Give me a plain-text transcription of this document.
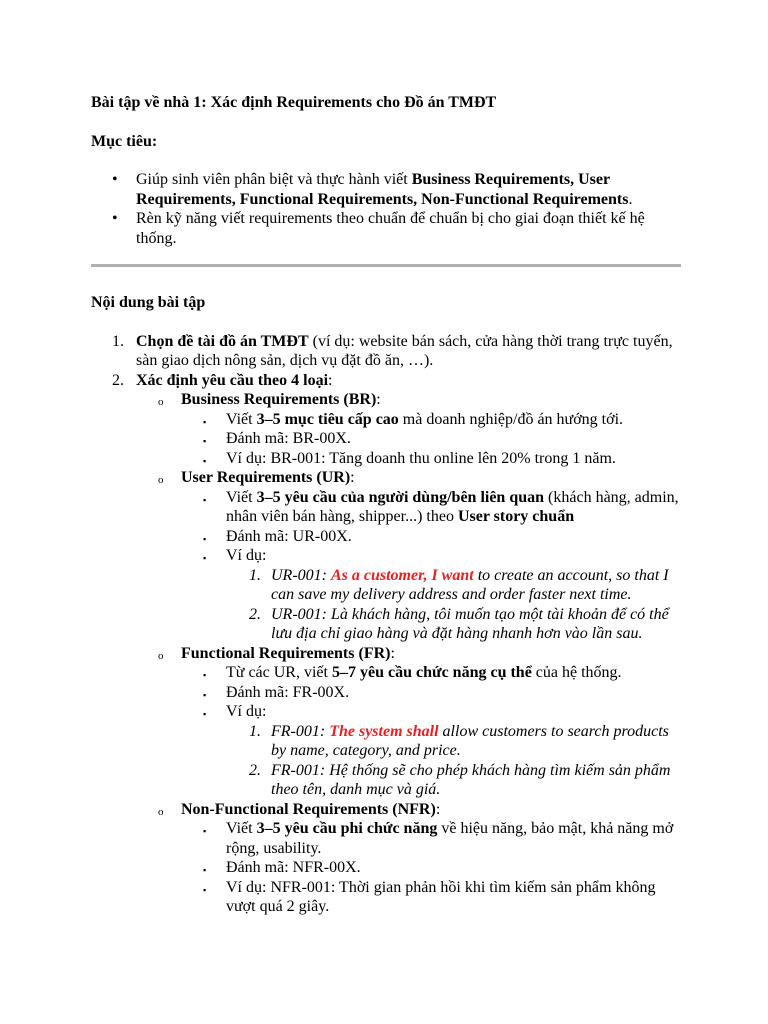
Bài tập về nhà 1: Xác định Requirements cho Đồ án TMĐT
Mục tiêu:
• Giúp sinh viên phân biệt và thực hành viết Business Requirements, User Requirements, Functional Requirements, Non-Functional Requirements.
• Rèn kỹ năng viết requirements theo chuẩn để chuẩn bị cho giai đoạn thiết kế hệ thống.
Nội dung bài tập
1. Chọn đề tài đồ án TMĐT (ví dụ: website bán sách, cửa hàng thời trang trực tuyến, sàn giao dịch nông sản, dịch vụ đặt đồ ăn, …).
2. Xác định yêu cầu theo 4 loại:
o Business Requirements (BR):
▪ Viết 3–5 mục tiêu cấp cao mà doanh nghiệp/đồ án hướng tới.
▪ Đánh mã: BR-00X.
▪ Ví dụ: BR-001: Tăng doanh thu online lên 20% trong 1 năm.
o User Requirements (UR):
▪ Viết 3–5 yêu cầu của người dùng/bên liên quan (khách hàng, admin, nhân viên bán hàng, shipper...) theo User story chuẩn
▪ Đánh mã: UR-00X.
▪ Ví dụ:
1. UR-001: As a customer, I want to create an account, so that I can save my delivery address and order faster next time.
2. UR-001: Là khách hàng, tôi muốn tạo một tài khoản để có thể lưu địa chỉ giao hàng và đặt hàng nhanh hơn vào lần sau.
o Functional Requirements (FR):
▪ Từ các UR, viết 5–7 yêu cầu chức năng cụ thể của hệ thống.
▪ Đánh mã: FR-00X.
▪ Ví dụ:
1. FR-001: The system shall allow customers to search products by name, category, and price.
2. FR-001: Hệ thống sẽ cho phép khách hàng tìm kiếm sản phẩm theo tên, danh mục và giá.
o Non-Functional Requirements (NFR):
▪ Viết 3–5 yêu cầu phi chức năng về hiệu năng, bảo mật, khả năng mở rộng, usability.
▪ Đánh mã: NFR-00X.
▪ Ví dụ: NFR-001: Thời gian phản hồi khi tìm kiếm sản phẩm không vượt quá 2 giây.
